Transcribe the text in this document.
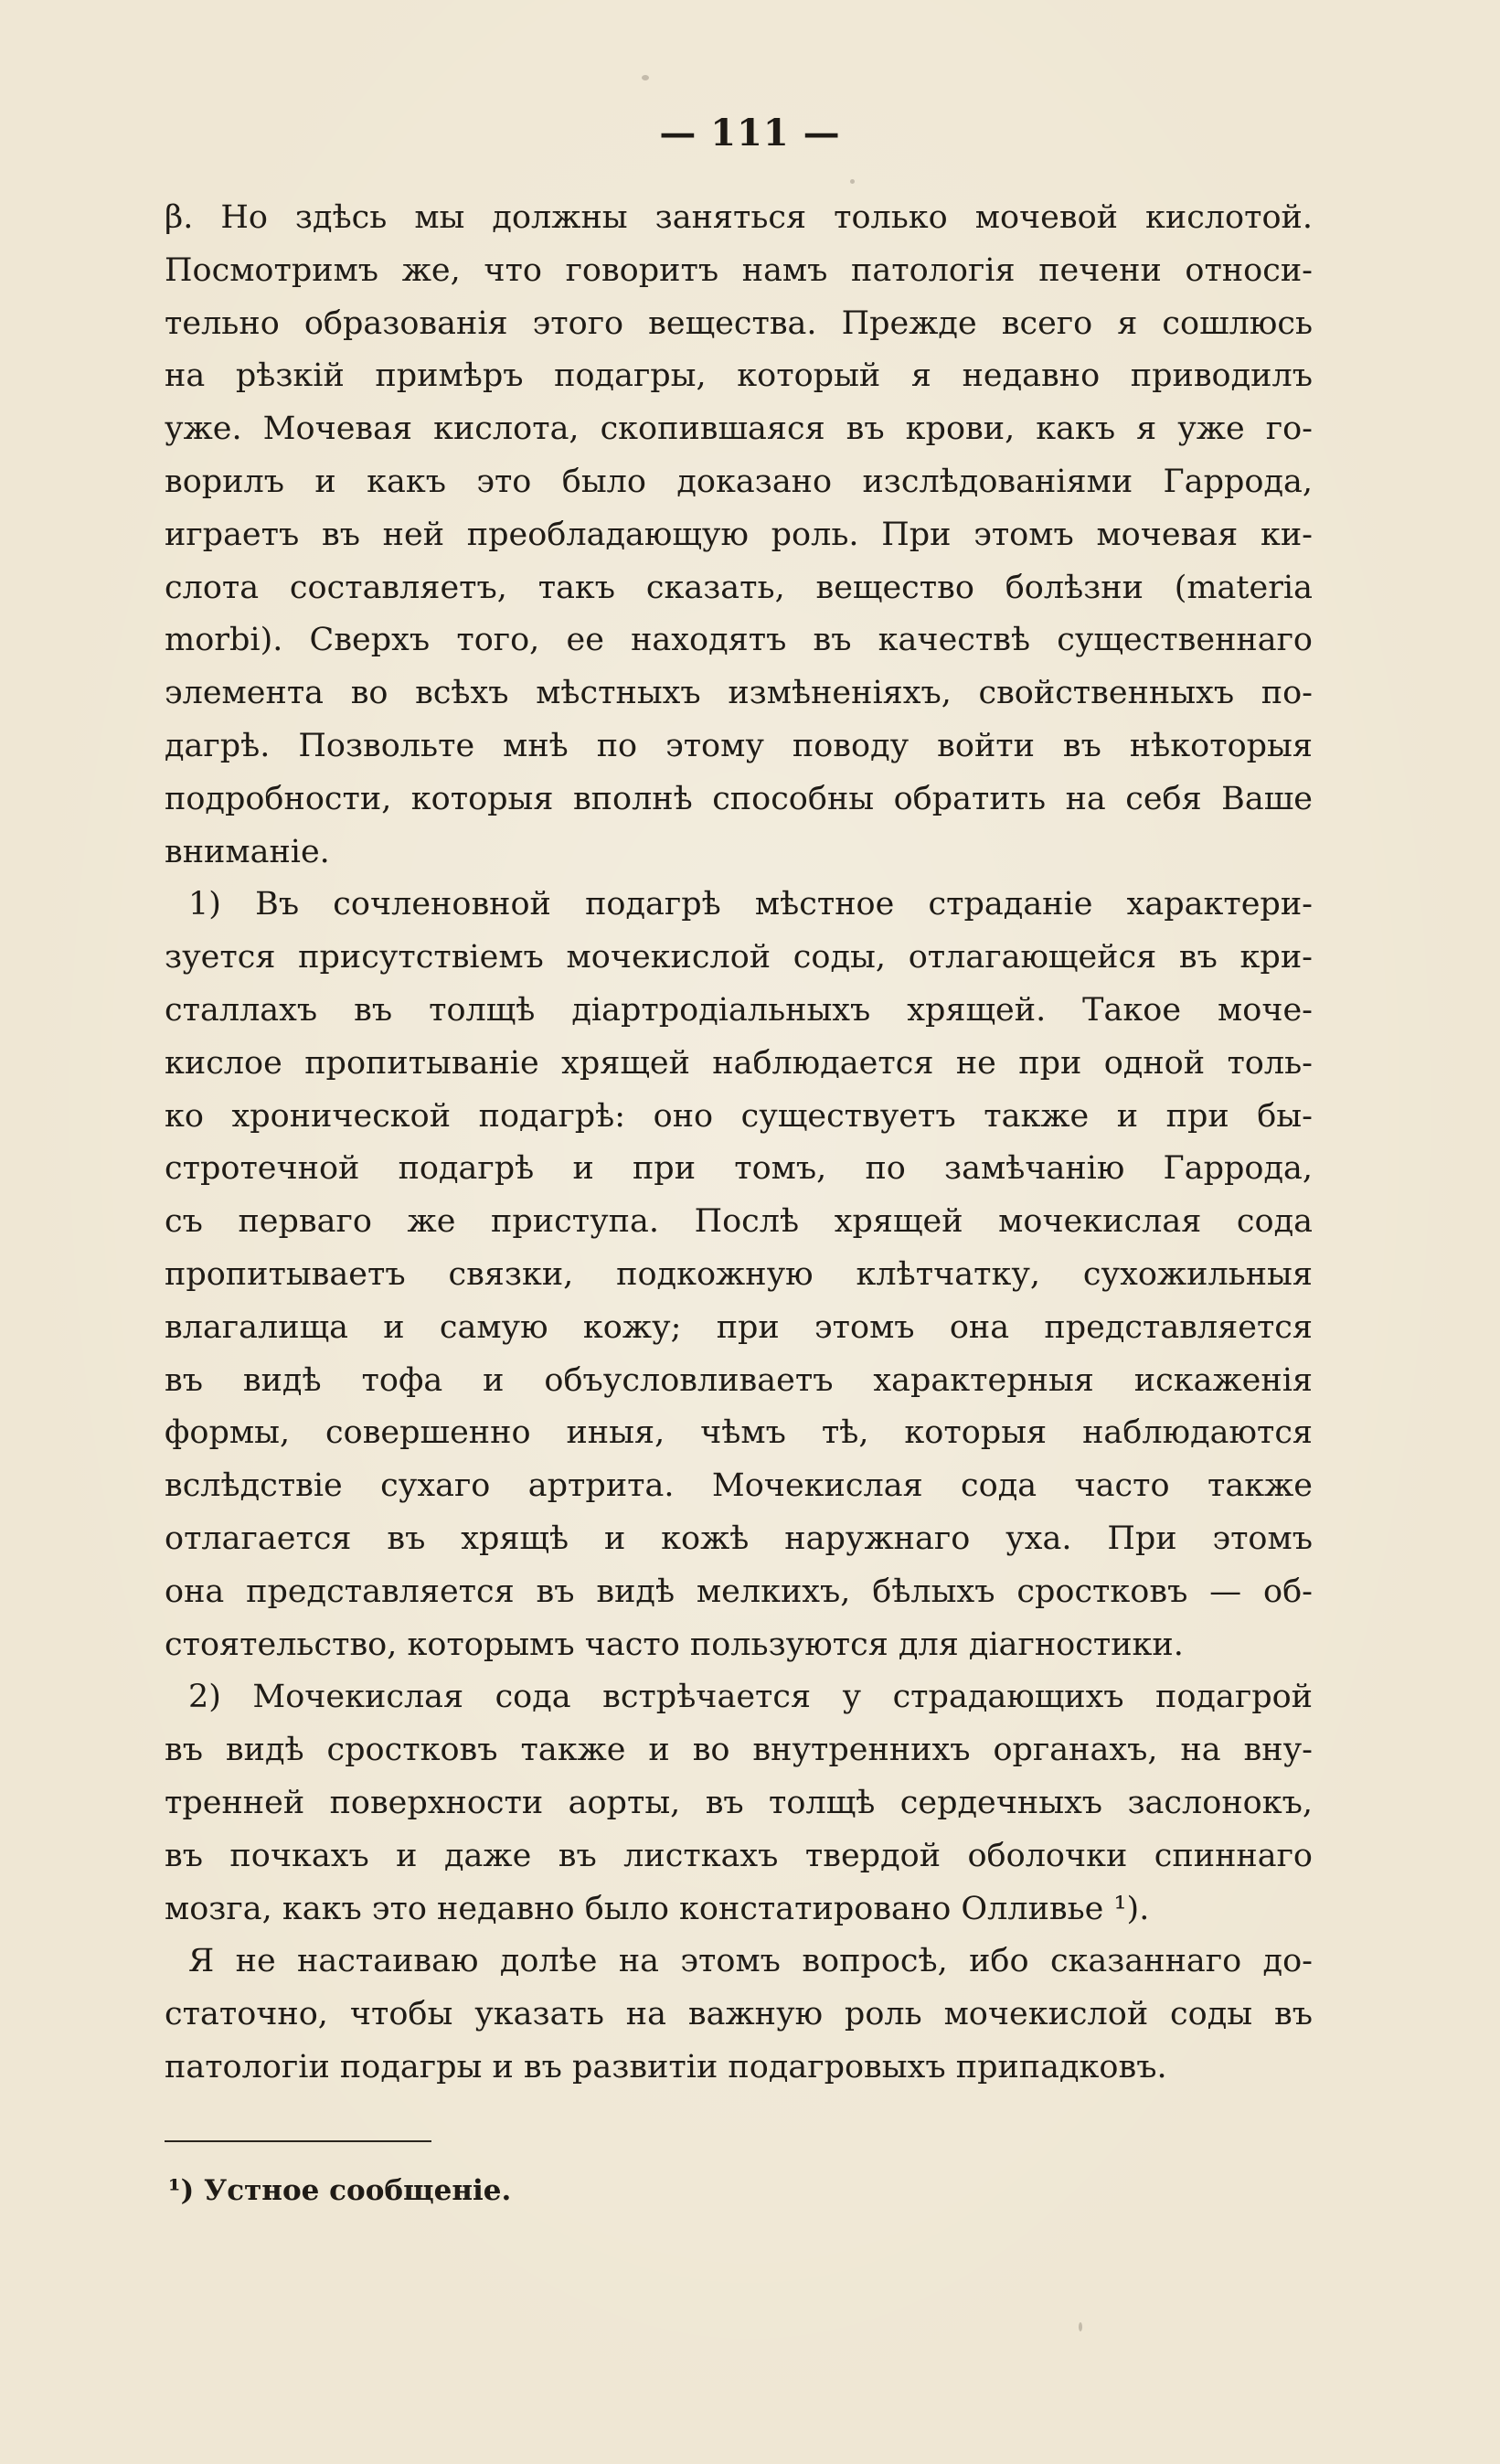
— 111 —
β. Но здѣсь мы должны заняться только мочевой кислотой.
Посмотримъ же, что говоритъ намъ патологія печени относи-
тельно образованія этого вещества. Прежде всего я сошлюсь
на рѣзкій примѣръ подагры, который я недавно приводилъ
уже. Мочевая кислота, скопившаяся въ крови, какъ я уже го-
ворилъ и какъ это было доказано изслѣдованіями Гаррода,
играетъ въ ней преобладающую роль. При этомъ мочевая ки-
слота составляетъ, такъ сказать, вещество болѣзни (materia
morbi). Сверхъ того, ее находятъ въ качествѣ существеннаго
элемента во всѣхъ мѣстныхъ измѣненіяхъ, свойственныхъ по-
дагрѣ. Позвольте мнѣ по этому поводу войти въ нѣкоторыя
подробности, которыя вполнѣ способны обратить на себя Ваше
вниманіе.
1) Въ сочленовной подагрѣ мѣстное страданіе характери-
зуется присутствіемъ мочекислой соды, отлагающейся въ кри-
сталлахъ въ толщѣ діартродіальныхъ хрящей. Такое моче-
кислое пропитываніе хрящей наблюдается не при одной толь-
ко хронической подагрѣ: оно существуетъ также и при бы-
стротечной подагрѣ и при томъ, по замѣчанію Гаррода,
съ перваго же приступа. Послѣ хрящей мочекислая сода
пропитываетъ связки, подкожную клѣтчатку, сухожильныя
влагалища и самую кожу; при этомъ она представляется
въ видѣ тофа и объусловливаетъ характерныя искаженія
формы, совершенно иныя, чѣмъ тѣ, которыя наблюдаются
вслѣдствіе сухаго артрита. Мочекислая сода часто также
отлагается въ хрящѣ и кожѣ наружнаго уха. При этомъ
она представляется въ видѣ мелкихъ, бѣлыхъ сростковъ — об-
стоятельство, которымъ часто пользуются для діагностики.
2) Мочекислая сода встрѣчается у страдающихъ подагрой
въ видѣ сростковъ также и во внутреннихъ органахъ, на вну-
тренней поверхности аорты, въ толщѣ сердечныхъ заслонокъ,
въ почкахъ и даже въ листкахъ твердой оболочки спиннаго
мозга, какъ это недавно было констатировано Олливье ¹).
Я не настаиваю долѣе на этомъ вопросѣ, ибо сказаннаго до-
статочно, чтобы указать на важную роль мочекислой соды въ
патологіи подагры и въ развитіи подагровыхъ припадковъ.
¹) Устное сообщеніе.
